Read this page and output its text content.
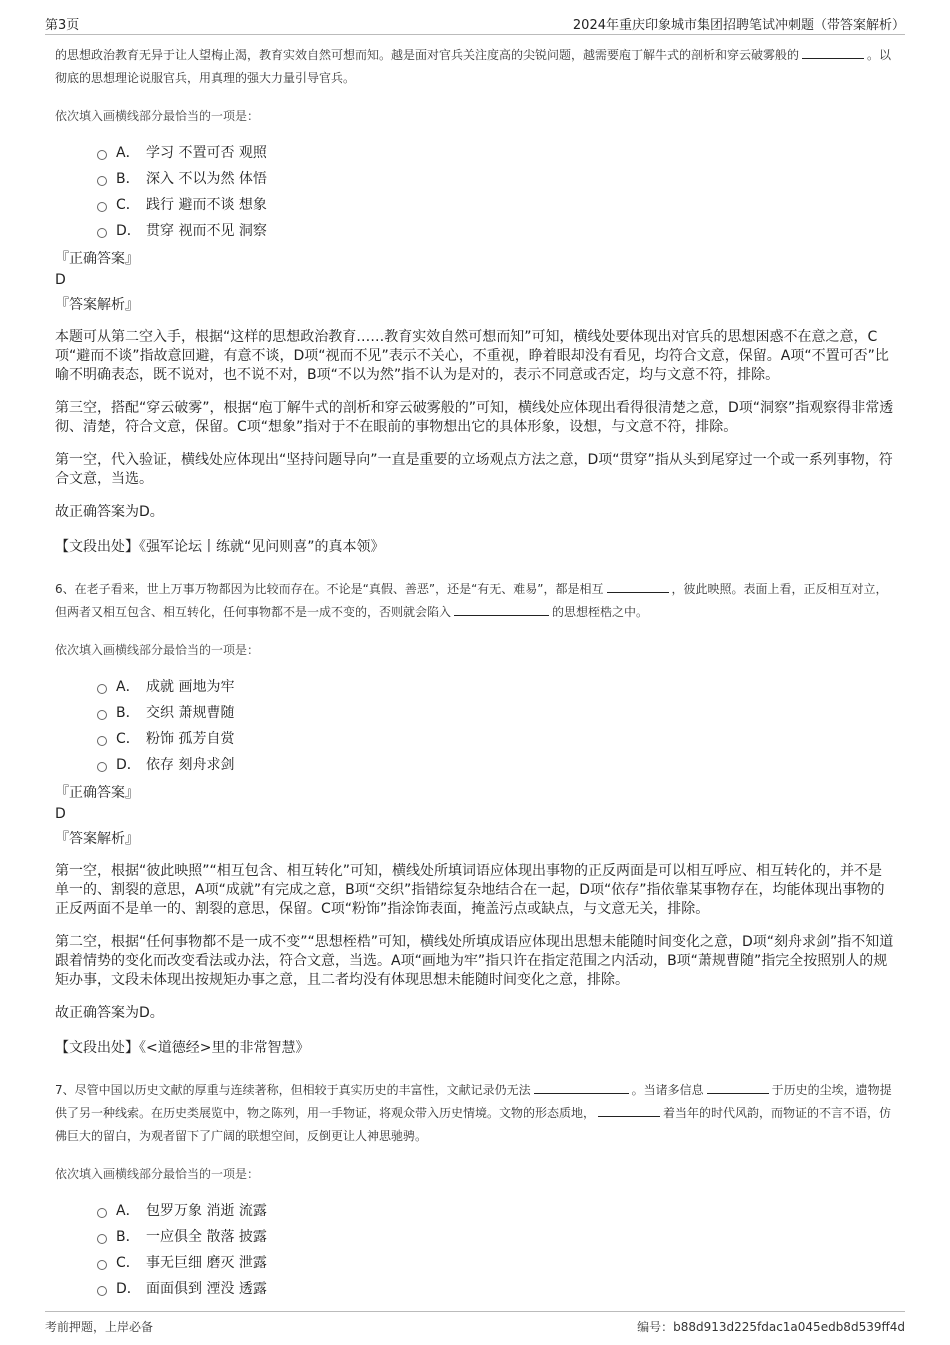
第3页	2024年重庆印象城市集团招聘笔试冲刺题（带答案解析）
的思想政治教育无异于让人望梅止渴，教育实效自然可想而知。越是面对官兵关注度高的尖锐问题，越需要庖丁解牛式的剖析和穿云破雾般的	。以彻底的思想理论说服官兵，用真理的强大力量引导官兵。
依次填入画横线部分最恰当的一项是：
A． 学习 不置可否 观照
B． 深入 不以为然 体悟
C． 践行 避而不谈 想象
D． 贯穿 视而不见 洞察
『正确答案』
D
『答案解析』
本题可从第二空入手，根据“这样的思想政治教育……教育实效自然可想而知”可知，横线处要体现出对官兵的思想困惑不在意之意，C项“避而不谈”指故意回避，有意不谈，D项“视而不见”表示不关心，不重视，睁着眼却没有看见，均符合文意，保留。A项“不置可否”比喻不明确表态，既不说对，也不说不对，B项“不以为然”指不认为是对的，表示不同意或否定，均与文意不符，排除。
第三空，搭配“穿云破雾”，根据“庖丁解牛式的剖析和穿云破雾般的”可知，横线处应体现出看得很清楚之意，D项“洞察”指观察得非常透彻、清楚，符合文意，保留。C项“想象”指对于不在眼前的事物想出它的具体形象，设想，与文意不符，排除。
第一空，代入验证，横线处应体现出“坚持问题导向”一直是重要的立场观点方法之意，D项“贯穿”指从头到尾穿过一个或一系列事物，符合文意，当选。
故正确答案为D。
【文段出处】《强军论坛丨练就“见问则喜”的真本领》
6、在老子看来，世上万事万物都因为比较而存在。不论是“真假、善恶”，还是“有无、难易”，都是相互	，彼此映照。表面上看，正反相互对立，但两者又相互包含、相互转化，任何事物都不是一成不变的，否则就会陷入	的思想桎梏之中。
依次填入画横线部分最恰当的一项是：
A． 成就 画地为牢
B． 交织 萧规曹随
C． 粉饰 孤芳自赏
D． 依存 刻舟求剑
『正确答案』
D
『答案解析』
第一空，根据“彼此映照”“相互包含、相互转化”可知，横线处所填词语应体现出事物的正反两面是可以相互呼应、相互转化的，并不是单一的、割裂的意思，A项“成就”有完成之意，B项“交织”指错综复杂地结合在一起，D项“依存”指依靠某事物存在，均能体现出事物的正反两面不是单一的、割裂的意思，保留。C项“粉饰”指涂饰表面，掩盖污点或缺点，与文意无关，排除。
第二空，根据“任何事物都不是一成不变”“思想桎梏”可知，横线处所填成语应体现出思想未能随时间变化之意，D项“刻舟求剑”指不知道跟着情势的变化而改变看法或办法，符合文意，当选。A项“画地为牢”指只许在指定范围之内活动，B项“萧规曹随”指完全按照别人的规矩办事，文段未体现出按规矩办事之意，且二者均没有体现思想未能随时间变化之意，排除。
故正确答案为D。
【文段出处】《<道德经>里的非常智慧》
7、尽管中国以历史文献的厚重与连续著称，但相较于真实历史的丰富性，文献记录仍无法	。当诸多信息	于历史的尘埃，遗物提供了另一种线索。在历史类展览中，物之陈列，用一手物证，将观众带入历史情境。文物的形态质地，	着当年的时代风韵，而物证的不言不语，仿佛巨大的留白，为观者留下了广阔的联想空间，反倒更让人神思驰骋。
依次填入画横线部分最恰当的一项是：
A． 包罗万象 消逝 流露
B． 一应俱全 散落 披露
C． 事无巨细 磨灭 泄露
D． 面面俱到 湮没 透露
考前押题，上岸必备	编号：b88d913d225fdac1a045edb8d539ff4d
